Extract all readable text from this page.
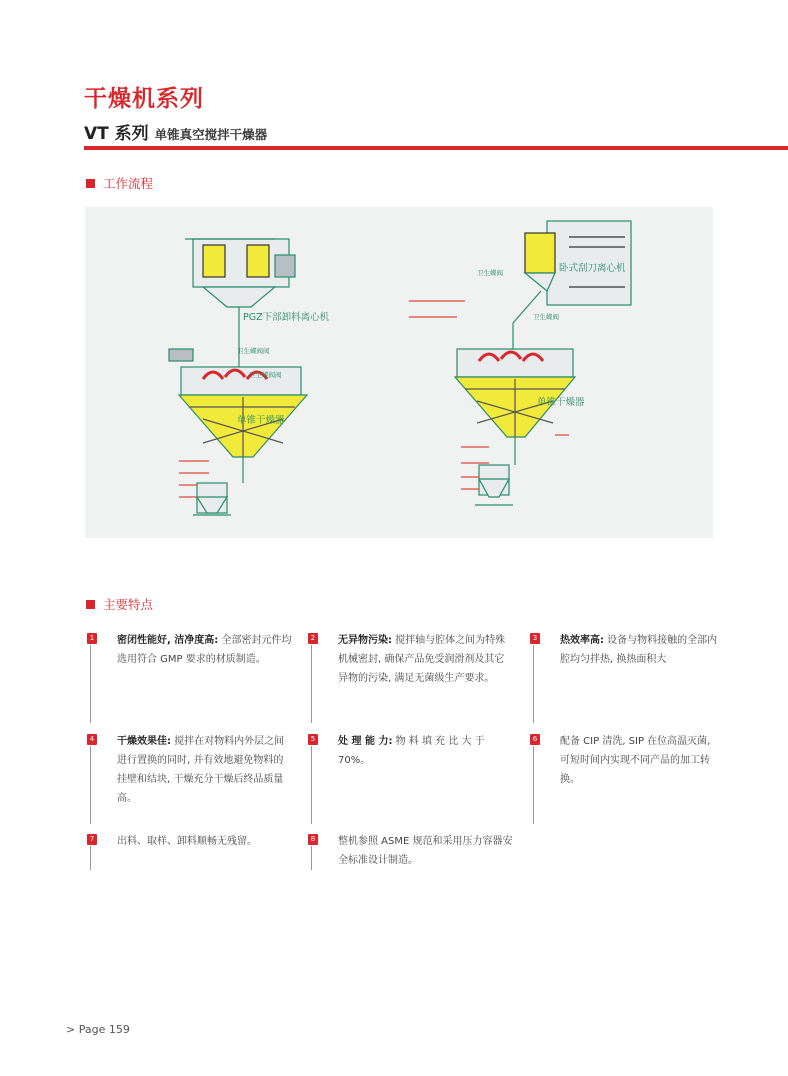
干燥机系列
VT 系列 单锥真空搅拌干燥器
工作流程
PGZ下部卸料离心机
卫生蝶阀阀
卫生蝶阀阀
单锥干燥器
卧式刮刀离心机
卫生蝶阀
卫生蝶阀
单锥干燥器
主要特点
1 密闭性能好, 洁净度高: 全部密封元件均选用符合 GMP 要求的材质制造。
2 无异物污染: 搅拌轴与腔体之间为特殊机械密封, 确保产品免受润滑剂及其它异物的污染, 满足无菌级生产要求。
3 热效率高: 设备与物料接触的全部内腔均匀拌热, 换热面积大
4 干燥效果佳: 搅拌在对物料内外层之间进行置换的同时, 并有效地避免物料的挂壁和结块, 干燥充分干燥后终品质量高。
5 处 理 能 力: 物 料 填 充 比 大 于 70%。
6 配备 CIP 清洗, SIP 在位高温灭菌, 可短时间内实现不同产品的加工转换。
7 出料、取样、卸料顺畅无残留。	8 整机参照 ASME 规范和采用压力容器安全标准设计制造。
> Page 159
